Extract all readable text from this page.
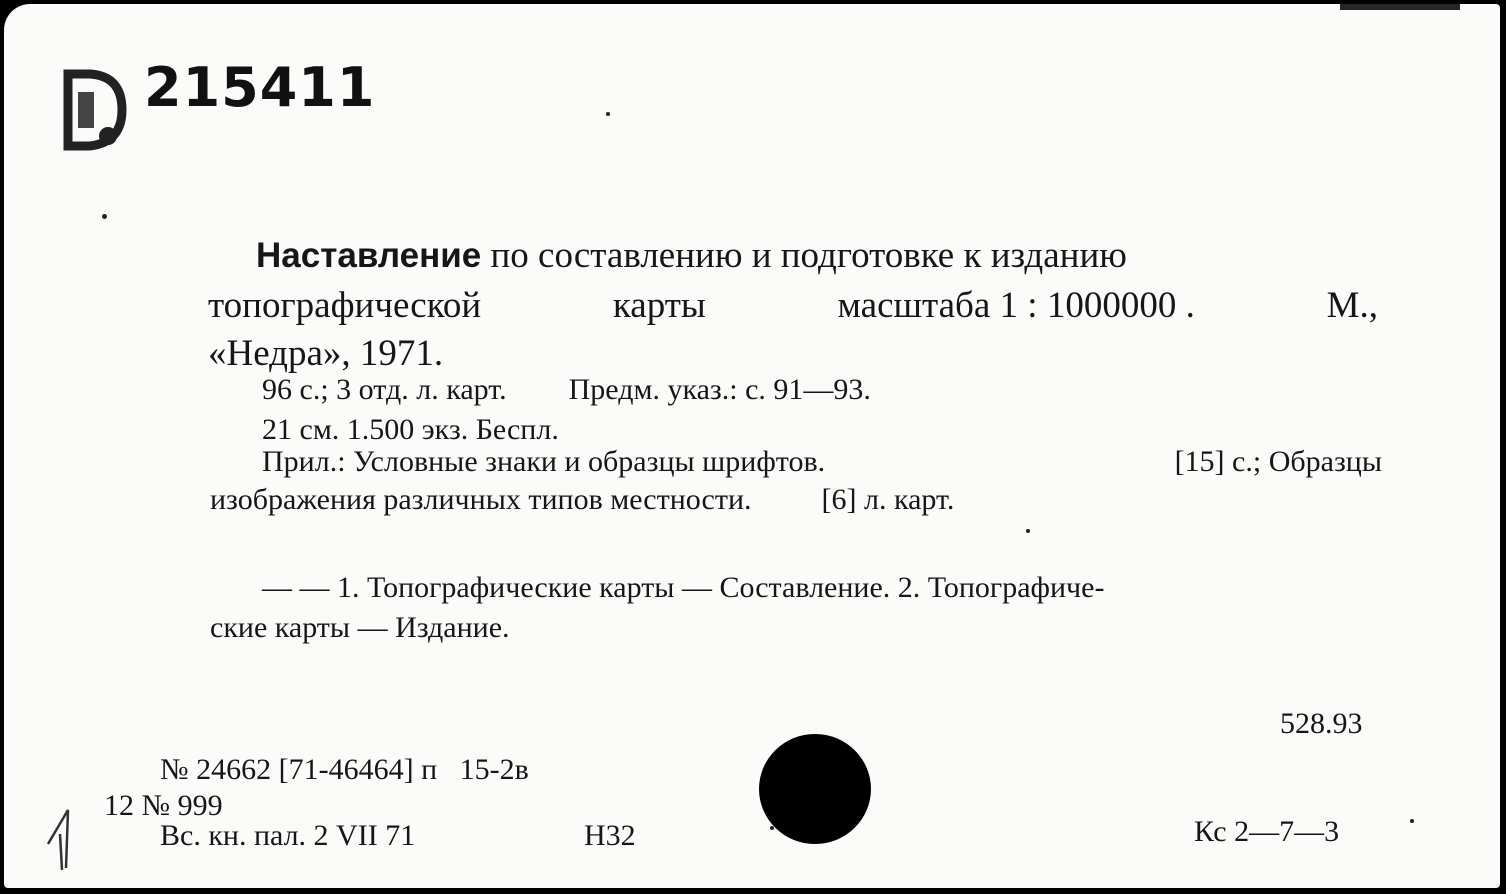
215411
Наставление по составлению и подготовке к изданию
топографической	карты	масштаба 1 : 1000000 .	М.,
«Недра», 1971.
96 с.; 3 отд. л. карт. Предм. указ.: с. 91—93.
21 см. 1.500 экз. Беспл.
Прил.: Условные знаки и образцы шрифтов.	[15] с.; Образцы
изображения различных типов местности. [6] л. карт.
— — 1. Топографические карты — Составление. 2. Топографиче-
ские карты — Издание.
528.93
№ 24662 [71-46464] п   15-2в
12 № 999
Вс. кн. пал. 2 VII 71	Н32	Кс 2—7—3
